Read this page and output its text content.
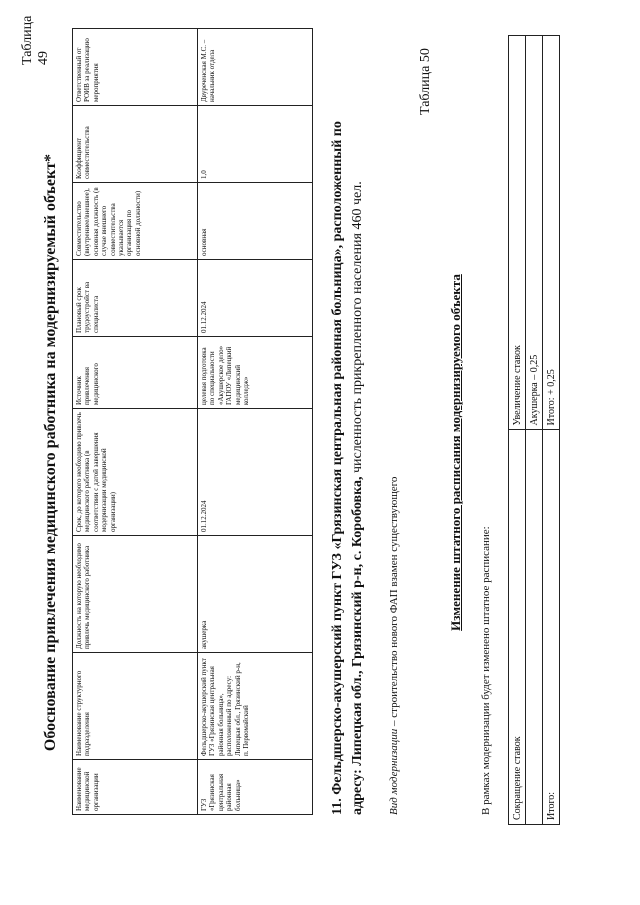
Таблица 49
Обоснование привлечения медицинского работника на модернизируемый объект*
Наименование медицинской организации	Наименование структурного подразделения	Должность на которую необходимо привлечь медицинского работника	Срок, до которого необходимо привлечь медицинского работника (в соответствии с датой завершения модернизации медицинской организации)	Источник привлечения медицинского	Плановый срок трудоустройст ва специалиста	Совместительство (внутреннее/внешнее), основная должность (в случае внешнего совместительства указывается организация по основной должности)	Коэффициент совместительства	Ответственный от РОИВ за реализацию мероприятия
ГУЗ «Грязинская центральная районная больница»	Фельдшерско-акушерский пункт ГУЗ «Грязинская центральная районная больница», расположенный по адресу: Липецкая обл., Грязинский р-н, п. Первомайский	акушерка	01.12.2024	целевая подготовка по специальности «Акушерское дело» ГАПОУ «Липецкий медицинский колледж»	01.12.2024	основная	1,0	Двуреченская М.С. – начальник отдела
11. Фельдшерско-акушерский пункт ГУЗ «Грязинская центральная районная больница», расположенный по адресу: Липецкая обл., Грязинский р-н, с. Коробовка, численность прикрепленного населения 460 чел.
Вид модернизации – строительство нового ФАП взамен существующего
Таблица 50
Изменение штатного расписания модернизируемого объекта
В рамках модернизации будет изменено штатное расписание: Сокращение ставок	Увеличение ставок
	Акушерка – 0,25
Итого:	Итого: + 0,25
